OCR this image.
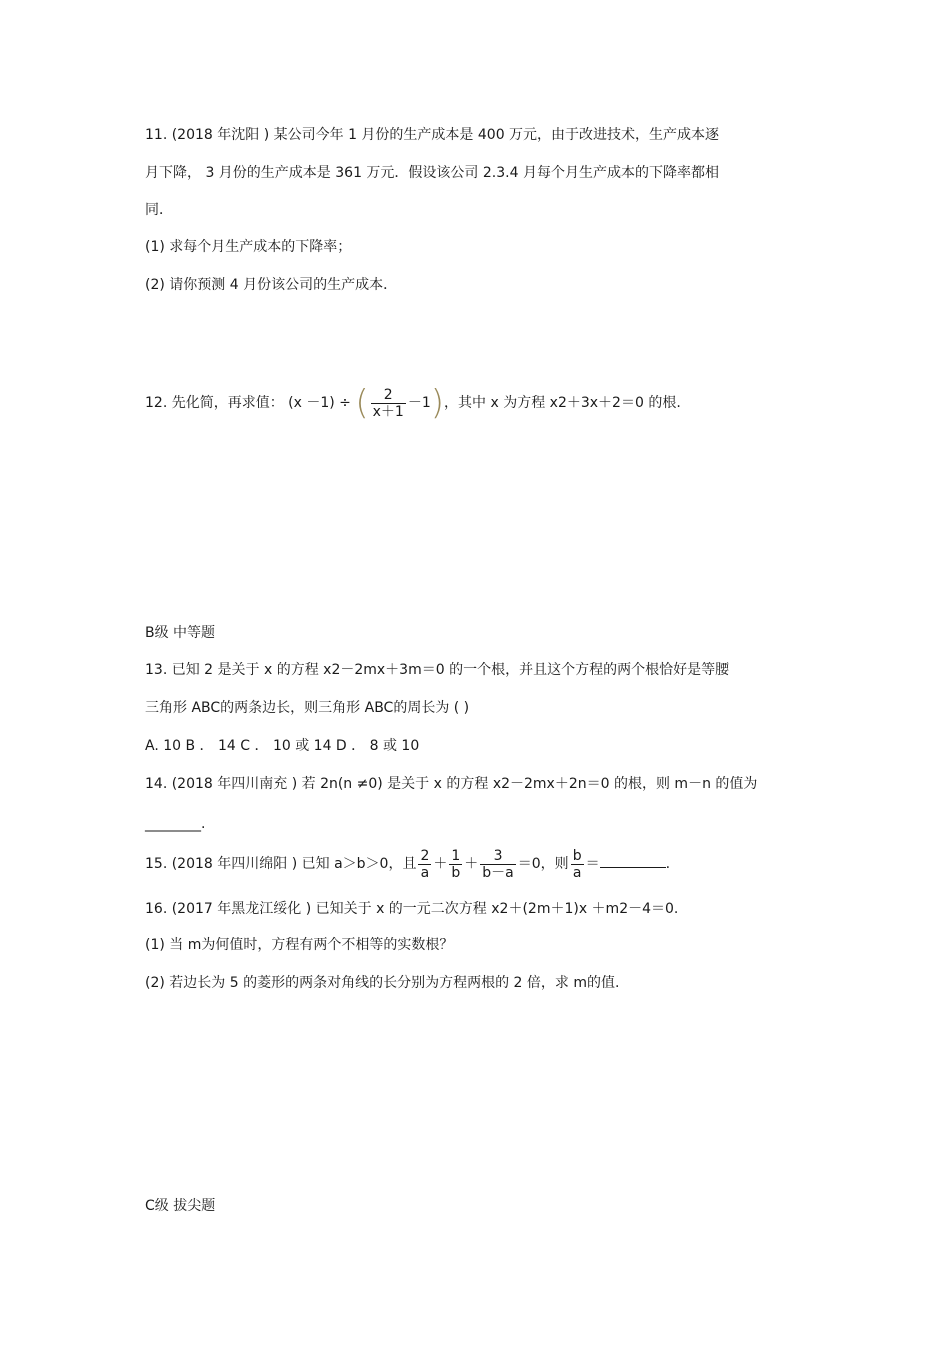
11. (2018 年沈阳 ) 某公司今年 1 月份的生产成本是 400 万元，由于改进技术，生产成本逐
月下降， 3 月份的生产成本是 361 万元．假设该公司 2.3.4 月每个月生产成本的下降率都相
同．
(1) 求每个月生产成本的下降率；
(2) 请你预测 4 月份该公司的生产成本．
12. 先化简，再求值： (x －1) ÷ ( $\frac{2}{x+1} -1$)，其中 x 为方程 x2＋3x＋2＝0 的根.
B级 中等题
13. 已知 2 是关于 x 的方程 x2－2mx＋3m＝0 的一个根，并且这个方程的两个根恰好是等腰
三角形 ABC的两条边长，则三角形 ABC的周长为 ( )
A. 10 B ． 14 C ． 10 或 14 D ． 8 或 10
14. (2018 年四川南充 ) 若 2n(n ≠0) 是关于 x 的方程 x2－2mx＋2n＝0 的根，则 m－n 的值为
________.
15. (2018 年四川绵阳 ) 已知 a＞b＞0，且 $\frac{2}{a} + \frac{1}{b} + \frac{3}{b-a} =0$，则 $\frac{b}{a}$ ＝	.
16. (2017 年黑龙江绥化 ) 已知关于 x 的一元二次方程 x2＋(2m＋1)x ＋m2－4＝0.
(1) 当 m为何值时，方程有两个不相等的实数根？
(2) 若边长为 5 的菱形的两条对角线的长分别为方程两根的 2 倍，求 m的值.
C级 拔尖题
